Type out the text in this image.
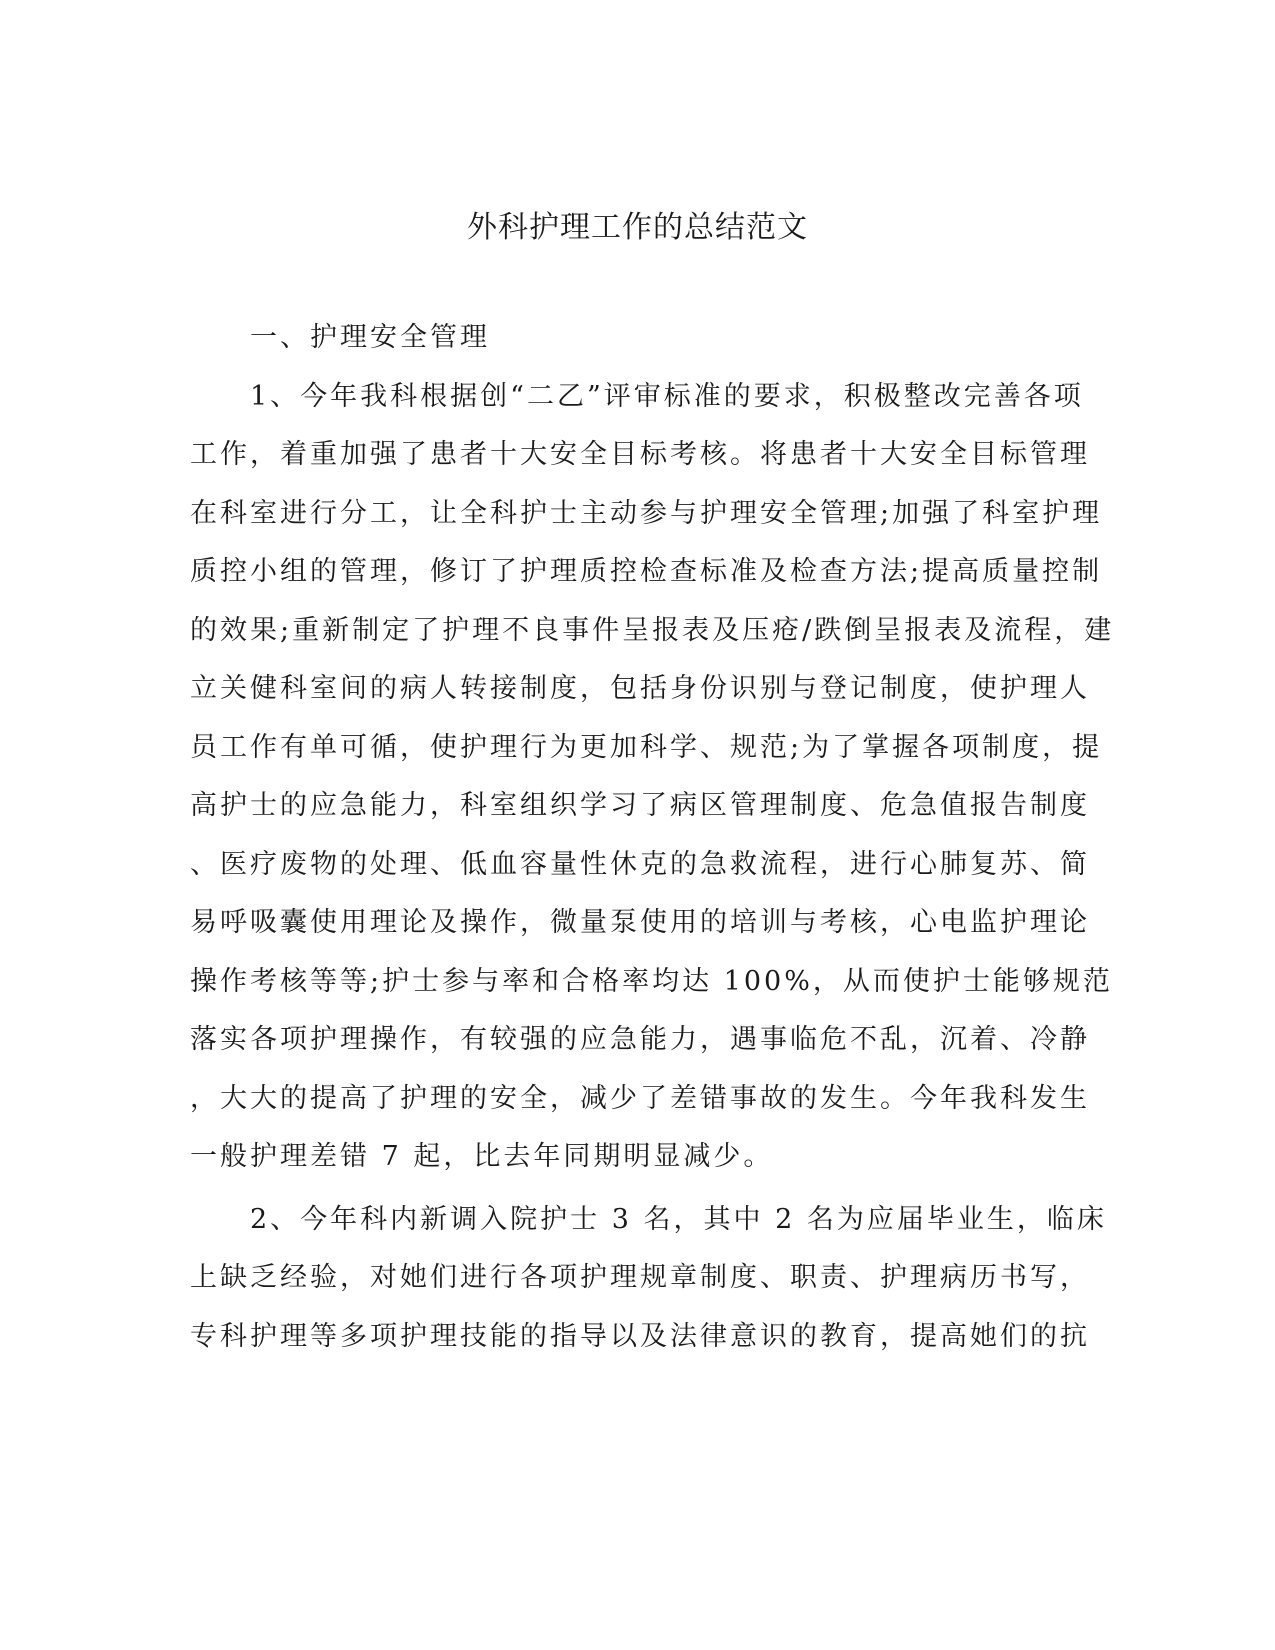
外科护理工作的总结范文

一、护理安全管理

1、今年我科根据创“二乙”评审标准的要求，积极整改完善各项

工作，着重加强了患者十大安全目标考核。将患者十大安全目标管理

在科室进行分工，让全科护士主动参与护理安全管理;加强了科室护理

质控小组的管理，修订了护理质控检查标准及检查方法;提高质量控制

的效果;重新制定了护理不良事件呈报表及压疮/跌倒呈报表及流程，建

立关健科室间的病人转接制度，包括身份识别与登记制度，使护理人

员工作有单可循，使护理行为更加科学、规范;为了掌握各项制度，提

高护士的应急能力，科室组织学习了病区管理制度、危急值报告制度

、医疗废物的处理、低血容量性休克的急救流程，进行心肺复苏、简

易呼吸囊使用理论及操作，微量泵使用的培训与考核，心电监护理论

操作考核等等;护士参与率和合格率均达 100%，从而使护士能够规范

落实各项护理操作，有较强的应急能力，遇事临危不乱，沉着、冷静

，大大的提高了护理的安全，减少了差错事故的发生。今年我科发生

一般护理差错 7 起，比去年同期明显减少。

2、今年科内新调入院护士 3 名，其中 2 名为应届毕业生，临床

上缺乏经验，对她们进行各项护理规章制度、职责、护理病历书写，

专科护理等多项护理技能的指导以及法律意识的教育，提高她们的抗
